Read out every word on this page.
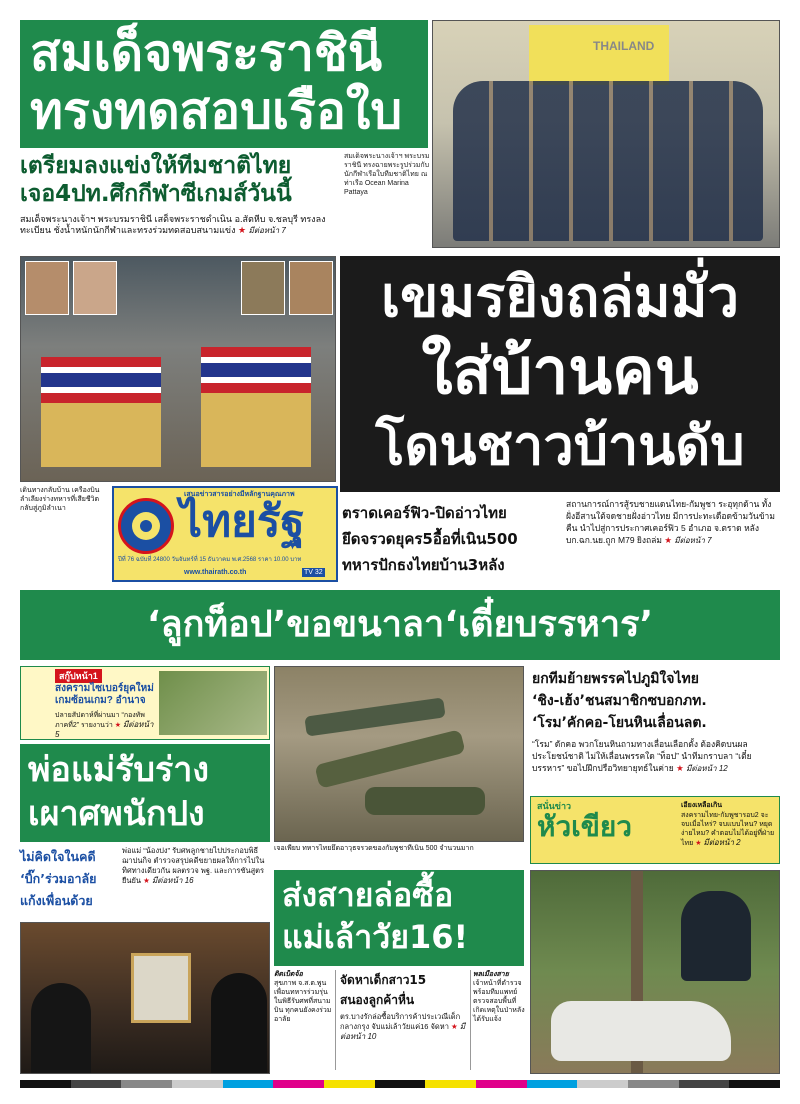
สมเด็จพระราชินี
ทรงทดสอบเรือใบ
เตรียมลงแข่งให้ทีมชาติไทย
เจอ4ปท.ศึกกีฬาซีเกมส์วันนี้
สมเด็จพระนางเจ้าฯ พระบรมราชินี เสด็จพระราชดำเนิน อ.สัตหีบ จ.ชลบุรี ทรงลงทะเบียน ชั่งน้ำหนักนักกีฬาและทรงร่วมทดสอบสนามแข่ง ★ มีต่อหน้า 7
สมเด็จพระนางเจ้าฯ พระบรมราชินี ทรงฉายพระรูปร่วมกับนักกีฬาเรือใบทีมชาติไทย ณ ท่าเรือ Ocean Marina Pattaya
THAILAND
เดินทางกลับบ้าน เครื่องบินลำเลียงร่างทหารที่เสียชีวิตกลับสู่ภูมิลำเนา
เขมรยิงถล่มมั่ว
ใส่บ้านคน
โดนชาวบ้านดับ
เสนอข่าวสารอย่างมีหลักฐานคุณภาพ
ไทยรัฐ
ปีที่ 76 ฉบับที่ 24800 วันจันทร์ที่ 15 ธันวาคม พ.ศ.2568 ราคา 10.00 บาท
www.thairath.co.th	TV 32
ตราดเคอร์ฟิว-ปิดอ่าวไทย
ยึดจรวดยุคร5อื้อที่เนิน500
ทหารปักธงไทยบ้าน3หลัง
สถานการณ์การสู้รบชายแดนไทย-กัมพูชา ระอุทุกด้าน ทั้งฝั่งอีสานใต้จดชายฝั่งอ่าวไทย มีการปะทะเดือดข้ามวันข้ามคืน นำไปสู่การประกาศเคอร์ฟิว 5 อำเภอ จ.ตราด หลัง บก.ฉก.นย.ถูก M79 ยิงถล่ม ★ มีต่อหน้า 7
‘ลูกท็อป’ขอขนาลา‘เตี๋ยบรรหาร’
สกู๊ปหน้า1
สงครามไซเบอร์ยุคใหม่ เกมซ้อนเกม? อำนาจ
ปลายสัปดาห์ที่ผ่านมา “กองทัพภาคที่2” รายงานว่า ★ มีต่อหน้า 5
เจอเพียบ ทหารไทยยึดอาวุธจรวดของกัมพูชาที่เนิน 500 จำนวนมาก
ยกทีมย้ายพรรคไปภูมิใจไทย
‘ชิง-เฮ้ง’ชนสมาชิกซบอกภท.
‘โรม’คักคอ-โยนหินเลื่อนลต.
“โรม” ดักคอ พวกโยนหินถามทางเลื่อนเลือกตั้ง ต้องคิดบนผลประโยชน์ชาติ ไม่ให้เลื่อนพรรคใด “ท็อป” นำทีมกราบลา “เตี๋ยบรรหาร” ขอไปฝึกปรือวิทยายุทธ์ในค่าย ★ มีต่อหน้า 12
สนั่นข่าว
หัวเขียว
เอียงเหลือเกิน
สงครามไทย-กัมพูชารอบ2 จะจบเมื่อไหร่? จบแบบไหน? หยุดง่ายไหม? คำตอบไม่ได้อยู่ที่ฝ่ายไทย ★ มีต่อหน้า 2
พ่อแม่รับร่าง
เผาศพนักปง
ไม่คิดใจในคดี
‘บิ๊ก’ร่วมอาลัย
แก้งเพื่อนด้วย
พ่อแม่ “น้องปง” รับศพลูกชายไปประกอบพิธีฌาปนกิจ ตำรวจสรุปคดีขยายผลให้การไปในทิศทางเดียวกัน ผลตรวจ พฐ. และการชันสูตรยืนยัน ★ มีต่อหน้า 16	ส่งสายล่อซื้อ
แม่เล้าวัย16!
ติดเบ็ดจ้อ
สุขภาพ จ.ส.ต.พูน เพื่อนทหารร่วมรุ่นในพิธีรับศพที่สนามบิน ทุกคนยังคงร่วมอาลัย
จัดหาเด็กสาว15
สนองลูกค้าหื่น
ตร.บางรักล่อซื้อบริการค้าประเวณีเด็กกลางกรุง จับแม่เล้าวัยแค่16 จัดหา ★ มีต่อหน้า 10
พลเมืองสาย
เจ้าหน้าที่ตำรวจพร้อมทีมแพทย์ตรวจสอบพื้นที่เกิดเหตุในป่าหลังได้รับแจ้ง
